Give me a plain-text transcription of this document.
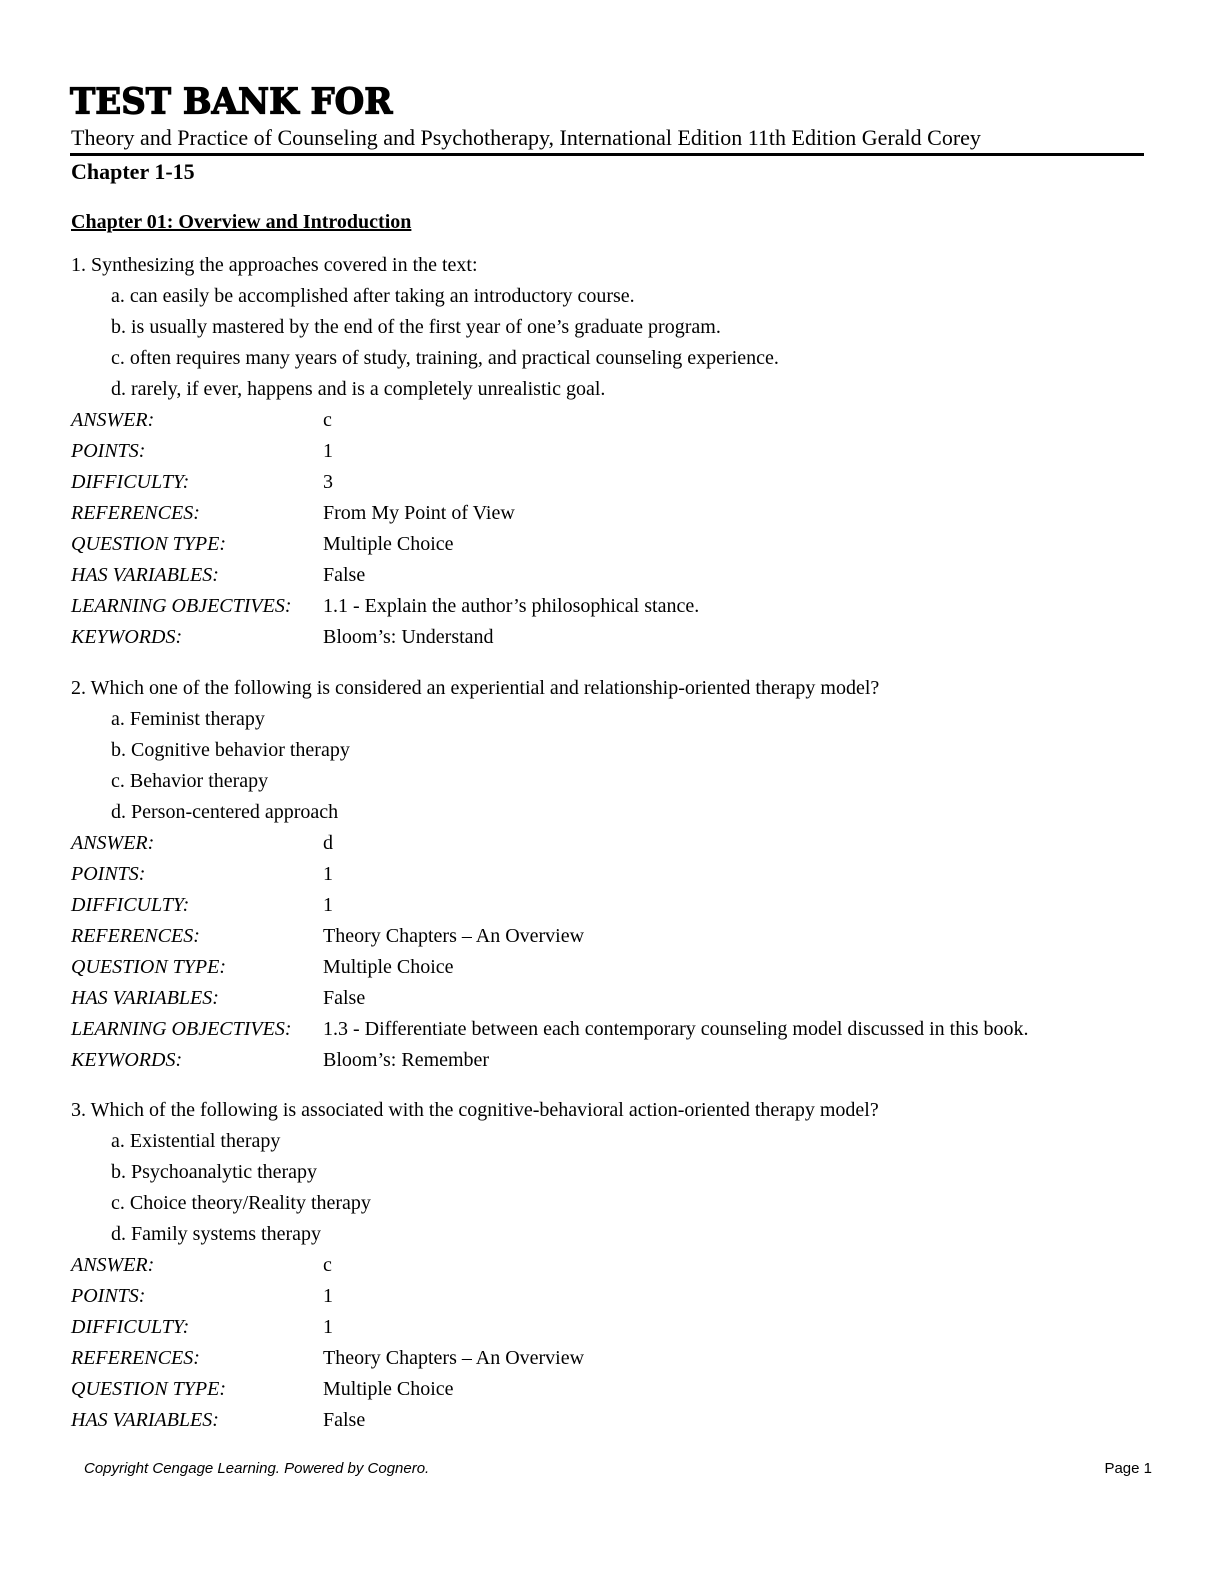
TEST BANK FOR
Theory and Practice of Counseling and Psychotherapy, International Edition 11th Edition Gerald Corey
Chapter 1-15
Chapter 01: Overview and Introduction
1. Synthesizing the approaches covered in the text:
a. can easily be accomplished after taking an introductory course.
b. is usually mastered by the end of the first year of one’s graduate program.
c. often requires many years of study, training, and practical counseling experience.
d. rarely, if ever, happens and is a completely unrealistic goal.
ANSWER:	c
POINTS:	1
DIFFICULTY:	3
REFERENCES:	From My Point of View
QUESTION TYPE:	Multiple Choice
HAS VARIABLES:	False
LEARNING OBJECTIVES:	1.1 - Explain the author’s philosophical stance.
KEYWORDS:	Bloom’s: Understand
2. Which one of the following is considered an experiential and relationship-oriented therapy model?
a. Feminist therapy
b. Cognitive behavior therapy
c. Behavior therapy
d. Person-centered approach
ANSWER:	d
POINTS:	1
DIFFICULTY:	1
REFERENCES:	Theory Chapters – An Overview
QUESTION TYPE:	Multiple Choice
HAS VARIABLES:	False
LEARNING OBJECTIVES:	1.3 - Differentiate between each contemporary counseling model discussed in this book.
KEYWORDS:	Bloom’s: Remember
3. Which of the following is associated with the cognitive-behavioral action-oriented therapy model?
a. Existential therapy
b. Psychoanalytic therapy
c. Choice theory/Reality therapy
d. Family systems therapy
ANSWER:	c
POINTS:	1
DIFFICULTY:	1
REFERENCES:	Theory Chapters – An Overview
QUESTION TYPE:	Multiple Choice
HAS VARIABLES:	False
Copyright Cengage Learning. Powered by Cognero.	Page 1
